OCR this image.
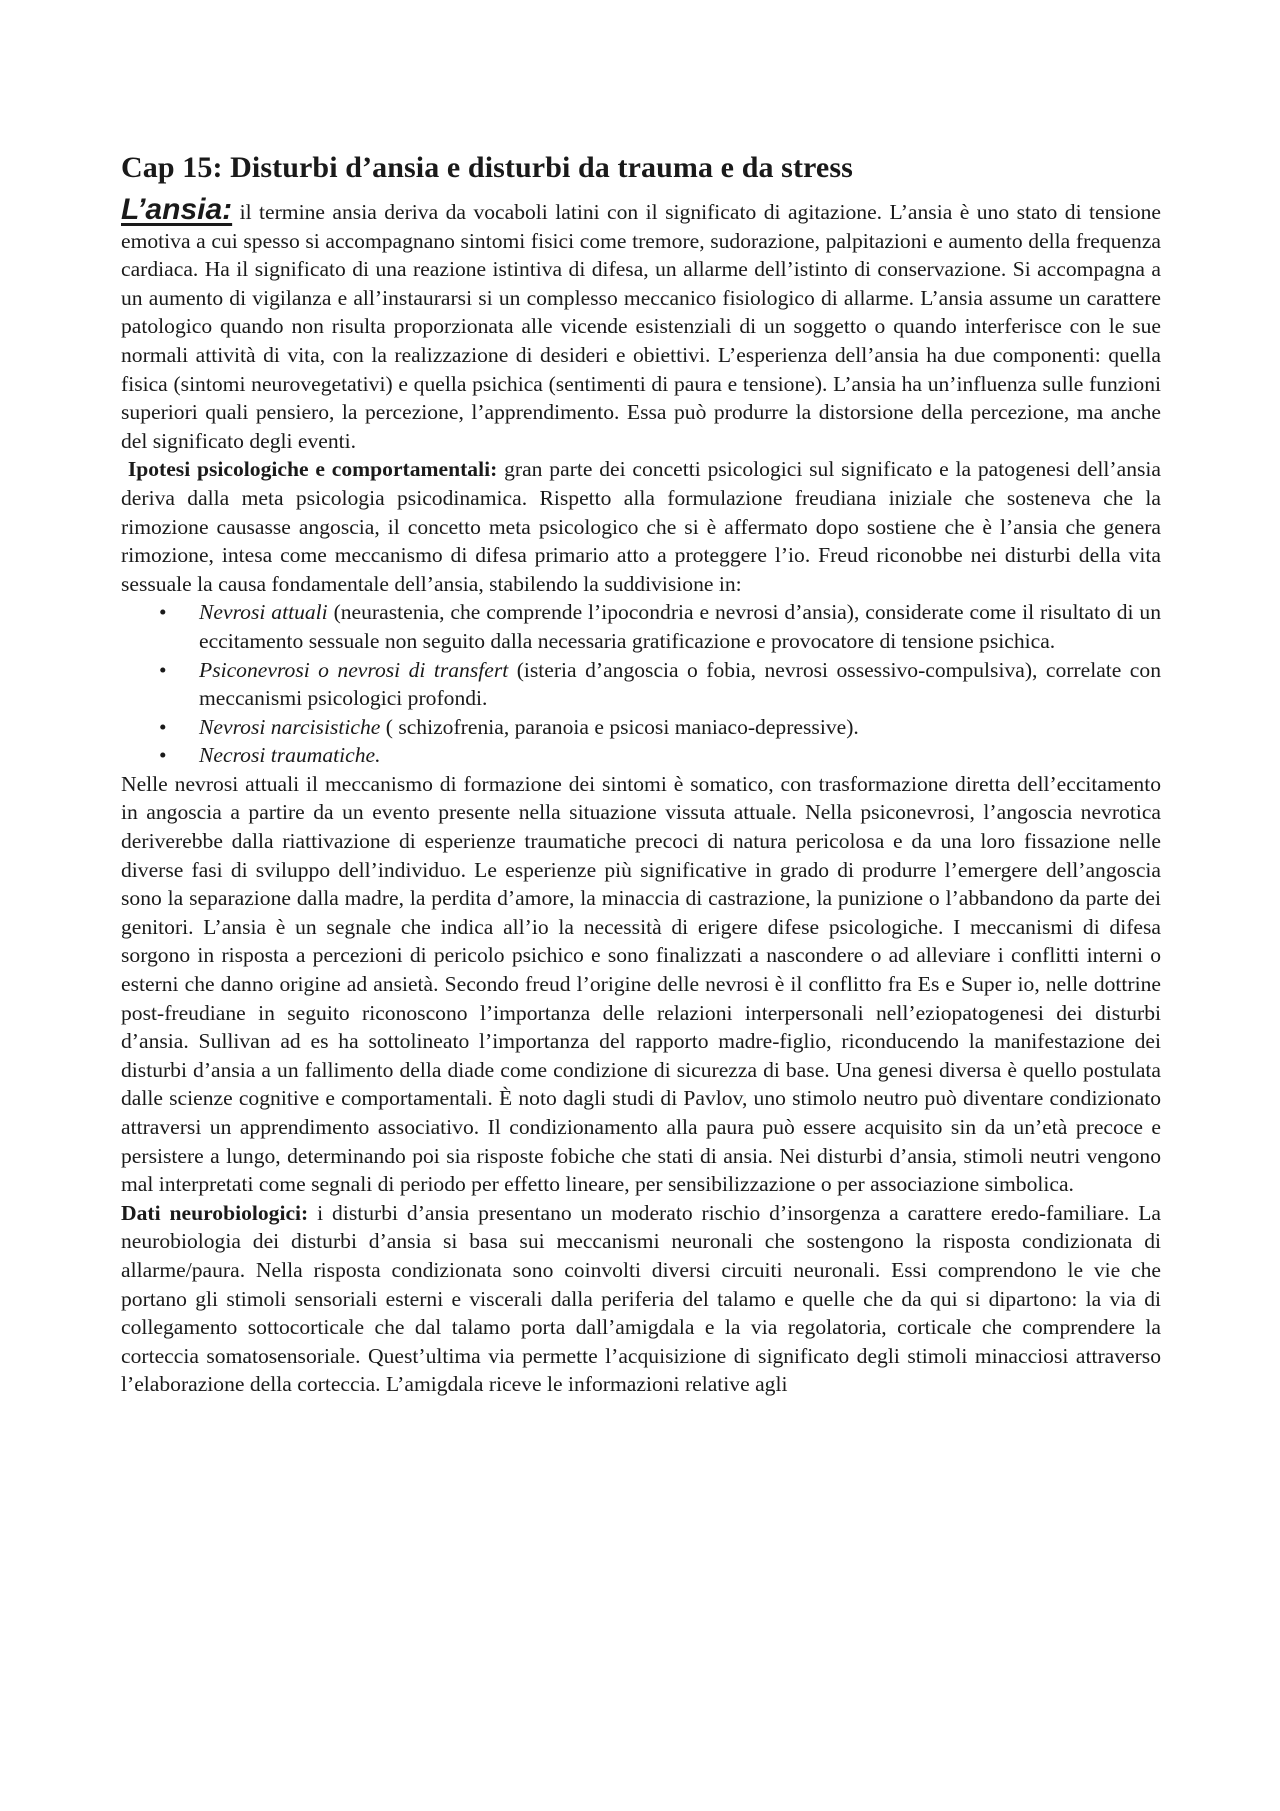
Cap 15: Disturbi d’ansia e disturbi da trauma e da stress

L’ansia: il termine ansia deriva da vocaboli latini con il significato di agitazione. L’ansia è uno stato di tensione emotiva a cui spesso si accompagnano sintomi fisici come tremore, sudorazione, palpitazioni e aumento della frequenza cardiaca. Ha il significato di una reazione istintiva di difesa, un allarme dell’istinto di conservazione. Si accompagna a un aumento di vigilanza e all’instaurarsi si un complesso meccanico fisiologico di allarme. L’ansia assume un carattere patologico quando non risulta proporzionata alle vicende esistenziali di un soggetto o quando interferisce con le sue normali attività di vita, con la realizzazione di desideri e obiettivi. L’esperienza dell’ansia ha due componenti: quella fisica (sintomi neurovegetativi) e quella psichica (sentimenti di paura e tensione). L’ansia ha un’influenza sulle funzioni superiori quali pensiero, la percezione, l’apprendimento. Essa può produrre la distorsione della percezione, ma anche del significato degli eventi.

Ipotesi psicologiche e comportamentali: gran parte dei concetti psicologici sul significato e la patogenesi dell’ansia deriva dalla meta psicologia psicodinamica. Rispetto alla formulazione freudiana iniziale che sosteneva che la rimozione causasse angoscia, il concetto meta psicologico che si è affermato dopo sostiene che è l’ansia che genera rimozione, intesa come meccanismo di difesa primario atto a proteggere l’io. Freud riconobbe nei disturbi della vita sessuale la causa fondamentale dell’ansia, stabilendo la suddivisione in:

• Nevrosi attuali (neurastenia, che comprende l’ipocondria e nevrosi d’ansia), considerate come il risultato di un eccitamento sessuale non seguito dalla necessaria gratificazione e provocatore di tensione psichica.
• Psiconevrosi o nevrosi di transfert (isteria d’angoscia o fobia, nevrosi ossessivo-compulsiva), correlate con meccanismi psicologici profondi.
• Nevrosi narcisistiche ( schizofrenia, paranoia e psicosi maniaco-depressive).
• Necrosi traumatiche.

Nelle nevrosi attuali il meccanismo di formazione dei sintomi è somatico, con trasformazione diretta dell’eccitamento in angoscia a partire da un evento presente nella situazione vissuta attuale. Nella psiconevrosi, l’angoscia nevrotica deriverebbe dalla riattivazione di esperienze traumatiche precoci di natura pericolosa e da una loro fissazione nelle diverse fasi di sviluppo dell’individuo. Le esperienze più significative in grado di produrre l’emergere dell’angoscia sono la separazione dalla madre, la perdita d’amore, la minaccia di castrazione, la punizione o l’abbandono da parte dei genitori. L’ansia è un segnale che indica all’io la necessità di erigere difese psicologiche. I meccanismi di difesa sorgono in risposta a percezioni di pericolo psichico e sono finalizzati a nascondere o ad alleviare i conflitti interni o esterni che danno origine ad ansietà. Secondo freud l’origine delle nevrosi è il conflitto fra Es e Super io, nelle dottrine post-freudiane in seguito riconoscono l’importanza delle relazioni interpersonali nell’eziopatogenesi dei disturbi d’ansia. Sullivan ad es ha sottolineato l’importanza del rapporto madre-figlio, riconducendo la manifestazione dei disturbi d’ansia a un fallimento della diade come condizione di sicurezza di base. Una genesi diversa è quello postulata dalle scienze cognitive e comportamentali. È noto dagli studi di Pavlov, uno stimolo neutro può diventare condizionato attraversi un apprendimento associativo. Il condizionamento alla paura può essere acquisito sin da un’età precoce e persistere a lungo, determinando poi sia risposte fobiche che stati di ansia. Nei disturbi d’ansia, stimoli neutri vengono mal interpretati come segnali di periodo per effetto lineare, per sensibilizzazione o per associazione simbolica.

Dati neurobiologici: i disturbi d’ansia presentano un moderato rischio d’insorgenza a carattere eredo-familiare. La neurobiologia dei disturbi d’ansia si basa sui meccanismi neuronali che sostengono la risposta condizionata di allarme/paura. Nella risposta condizionata sono coinvolti diversi circuiti neuronali. Essi comprendono le vie che portano gli stimoli sensoriali esterni e viscerali dalla periferia del talamo e quelle che da qui si dipartono: la via di collegamento sottocorticale che dal talamo porta dall’amigdala e la via regolatoria, corticale che comprendere la corteccia somatosensoriale. Quest’ultima via permette l’acquisizione di significato degli stimoli minacciosi attraverso l’elaborazione della corteccia. L’amigdala riceve le informazioni relative agli
